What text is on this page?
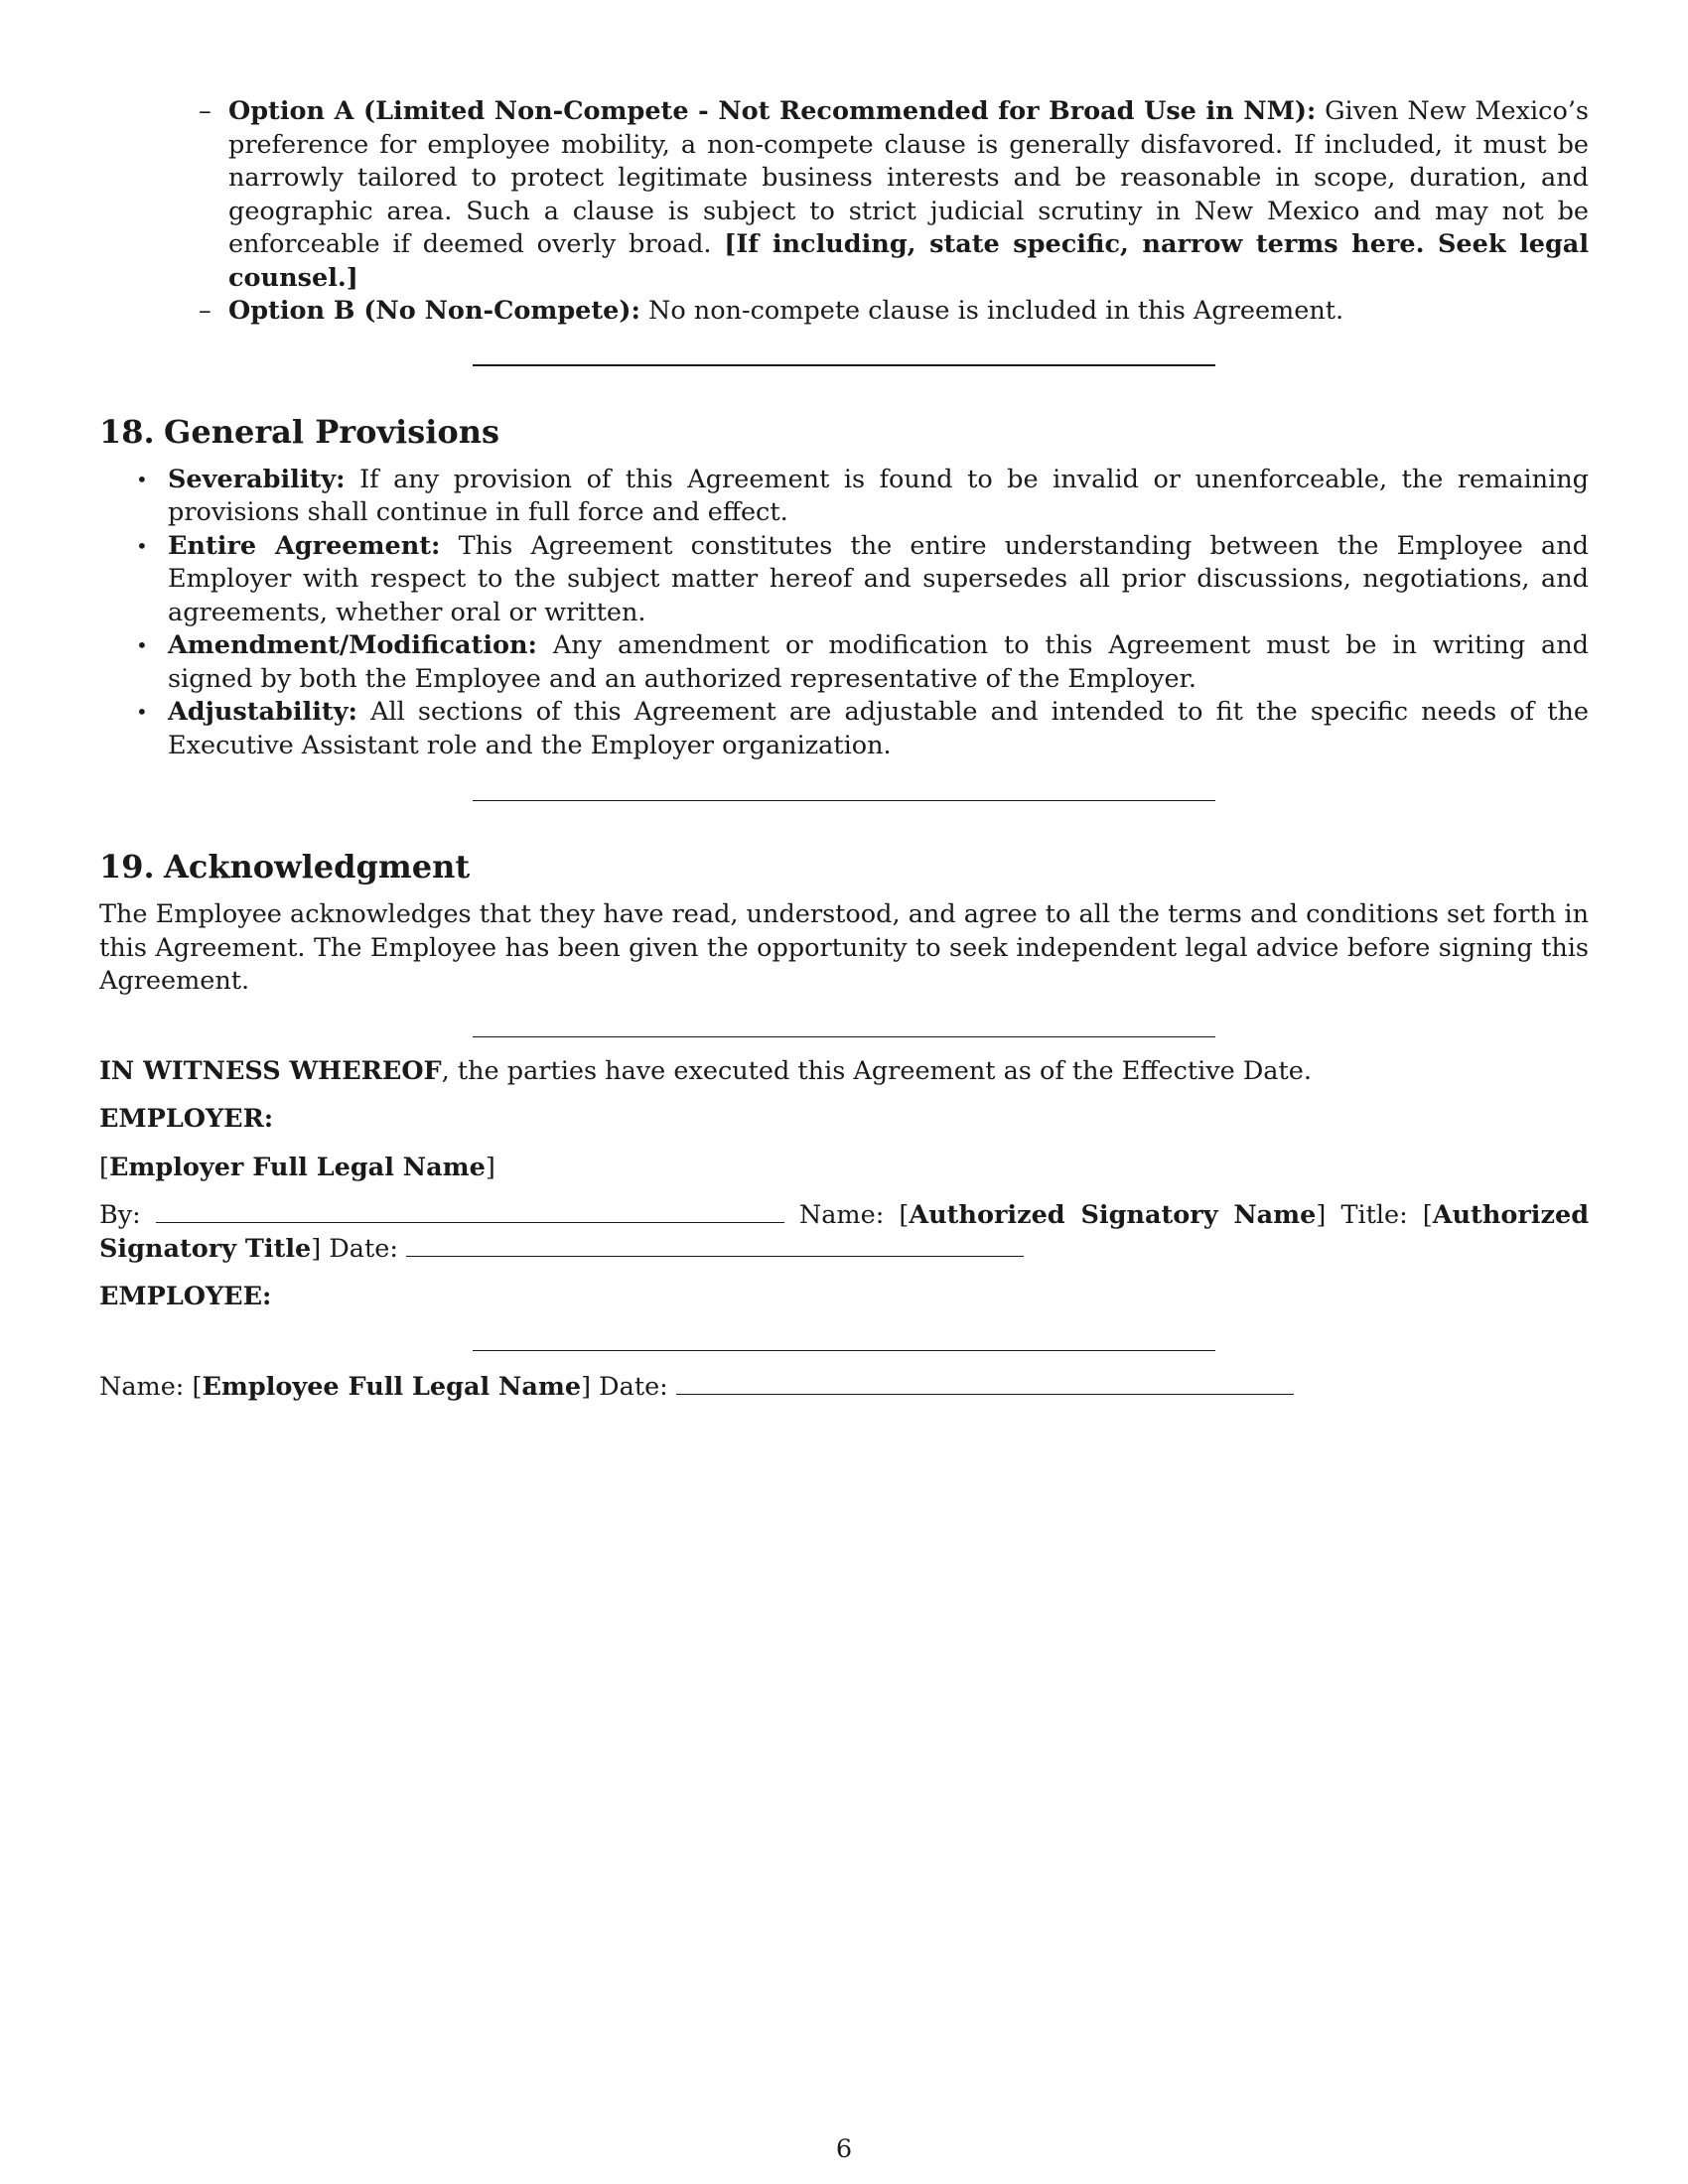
– Option A (Limited Non-Compete - Not Recommended for Broad Use in NM): Given New Mexico’s preference for employee mobility, a non-compete clause is generally disfavored. If included, it must be narrowly tailored to protect legitimate business interests and be reasonable in scope, duration, and geographic area. Such a clause is subject to strict judicial scrutiny in New Mexico and may not be enforceable if deemed overly broad. [If including, state specific, narrow terms here. Seek legal counsel.]
– Option B (No Non-Compete): No non-compete clause is included in this Agreement.
18. General Provisions
• Severability: If any provision of this Agreement is found to be invalid or unenforceable, the remaining provisions shall continue in full force and effect.
• Entire Agreement: This Agreement constitutes the entire understanding between the Employee and Employer with respect to the subject matter hereof and supersedes all prior discussions, negotiations, and agreements, whether oral or written.
• Amendment/Modification: Any amendment or modification to this Agreement must be in writing and signed by both the Employee and an authorized representative of the Employer.
• Adjustability: All sections of this Agreement are adjustable and intended to fit the specific needs of the Executive Assistant role and the Employer organization.
19. Acknowledgment

The Employee acknowledges that they have read, understood, and agree to all the terms and conditions set forth in this Agreement. The Employee has been given the opportunity to seek independent legal advice before signing this Agreement.

IN WITNESS WHEREOF, the parties have executed this Agreement as of the Effective Date.

EMPLOYER:

[Employer Full Legal Name]

By:	Name: [Authorized Signatory Name] Title: [Authorized Signatory Title] Date:

EMPLOYEE:

Name: [Employee Full Legal Name] Date:

6
